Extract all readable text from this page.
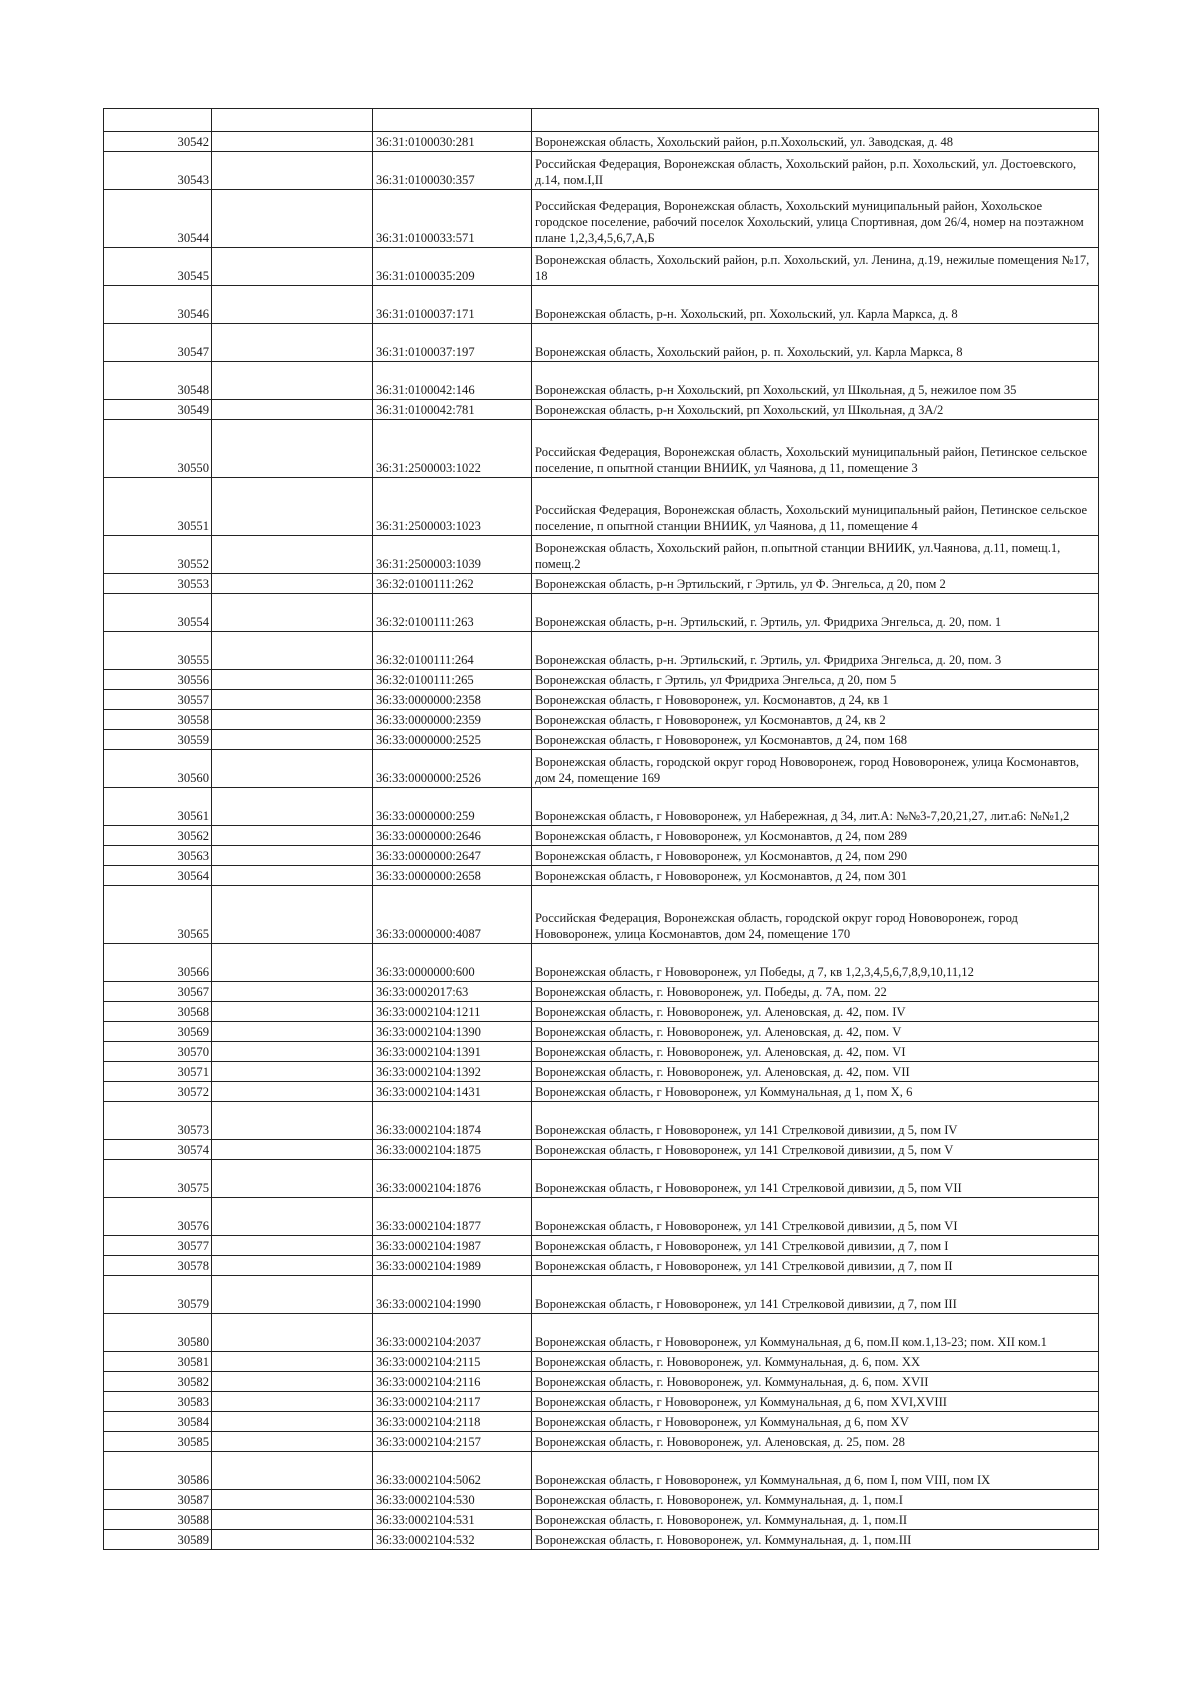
30542		36:31:0100030:281	Воронежская область, Хохольский район, р.п.Хохольский, ул. Заводская, д. 48
30543		36:31:0100030:357	Российская Федерация, Воронежская область, Хохольский район, р.п. Хохольский, ул. Достоевского, д.14, пом.I,II
30544		36:31:0100033:571	Российская Федерация, Воронежская область, Хохольский муниципальный район, Хохольское городское поселение, рабочий поселок Хохольский, улица Спортивная, дом 26/4, номер на поэтажном плане 1,2,3,4,5,6,7,А,Б
30545		36:31:0100035:209	Воронежская область, Хохольский район, р.п. Хохольский, ул. Ленина, д.19, нежилые помещения №17, 18
30546		36:31:0100037:171	Воронежская область, р-н. Хохольский, рп. Хохольский, ул. Карла Маркса, д. 8
30547		36:31:0100037:197	Воронежская область, Хохольский район, р. п. Хохольский, ул. Карла Маркса, 8
30548		36:31:0100042:146	Воронежская область, р-н Хохольский, рп Хохольский, ул Школьная, д 5, нежилое пом 35
30549		36:31:0100042:781	Воронежская область, р-н Хохольский, рп Хохольский, ул Школьная, д 3А/2
30550		36:31:2500003:1022	Российская Федерация, Воронежская область, Хохольский муниципальный район, Петинское сельское поселение, п опытной станции ВНИИК, ул Чаянова, д 11, помещение 3
30551		36:31:2500003:1023	Российская Федерация, Воронежская область, Хохольский муниципальный район, Петинское сельское поселение, п опытной станции ВНИИК, ул Чаянова, д 11, помещение 4
30552		36:31:2500003:1039	Воронежская область, Хохольский район, п.опытной станции ВНИИК, ул.Чаянова, д.11, помещ.1, помещ.2
30553		36:32:0100111:262	Воронежская область, р-н Эртильский, г Эртиль, ул Ф. Энгельса, д 20, пом 2
30554		36:32:0100111:263	Воронежская область, р-н. Эртильский, г. Эртиль, ул. Фридриха Энгельса, д. 20, пом. 1
30555		36:32:0100111:264	Воронежская область, р-н. Эртильский, г. Эртиль, ул. Фридриха Энгельса, д. 20, пом. 3
30556		36:32:0100111:265	Воронежская область, г Эртиль, ул Фридриха Энгельса, д 20, пом 5
30557		36:33:0000000:2358	Воронежская область, г Нововоронеж, ул. Космонавтов, д 24, кв 1
30558		36:33:0000000:2359	Воронежская область, г Нововоронеж, ул Космонавтов, д 24, кв 2
30559		36:33:0000000:2525	Воронежская область, г Нововоронеж, ул Космонавтов, д 24, пом 168
30560		36:33:0000000:2526	Воронежская область, городской округ город Нововоронеж, город Нововоронеж, улица Космонавтов, дом 24, помещение 169
30561		36:33:0000000:259	Воронежская область, г Нововоронеж, ул Набережная, д 34, лит.А: №№3-7,20,21,27, лит.а6: №№1,2
30562		36:33:0000000:2646	Воронежская область, г Нововоронеж, ул Космонавтов, д 24, пом 289
30563		36:33:0000000:2647	Воронежская область, г Нововоронеж, ул Космонавтов, д 24, пом 290
30564		36:33:0000000:2658	Воронежская область, г Нововоронеж, ул Космонавтов, д 24, пом 301
30565		36:33:0000000:4087	Российская Федерация, Воронежская область, городской округ город Нововоронеж, город Нововоронеж, улица Космонавтов, дом 24, помещение 170
30566		36:33:0000000:600	Воронежская область, г Нововоронеж, ул Победы, д 7, кв 1,2,3,4,5,6,7,8,9,10,11,12
30567		36:33:0002017:63	Воронежская область, г. Нововоронеж, ул. Победы, д. 7А, пом. 22
30568		36:33:0002104:1211	Воронежская область, г. Нововоронеж, ул. Аленовская, д. 42, пом. IV
30569		36:33:0002104:1390	Воронежская область, г. Нововоронеж, ул. Аленовская, д. 42, пом. V
30570		36:33:0002104:1391	Воронежская область, г. Нововоронеж, ул. Аленовская, д. 42, пом. VI
30571		36:33:0002104:1392	Воронежская область, г. Нововоронеж, ул. Аленовская, д. 42, пом. VII
30572		36:33:0002104:1431	Воронежская область, г Нововоронеж, ул Коммунальная, д 1, пом X, 6
30573		36:33:0002104:1874	Воронежская область, г Нововоронеж, ул 141 Стрелковой дивизии, д 5, пом IV
30574		36:33:0002104:1875	Воронежская область, г Нововоронеж, ул 141 Стрелковой дивизии, д 5, пом V
30575		36:33:0002104:1876	Воронежская область, г Нововоронеж, ул 141 Стрелковой дивизии, д 5, пом VII
30576		36:33:0002104:1877	Воронежская область, г Нововоронеж, ул 141 Стрелковой дивизии, д 5, пом VI
30577		36:33:0002104:1987	Воронежская область, г Нововоронеж, ул 141 Стрелковой дивизии, д 7, пом I
30578		36:33:0002104:1989	Воронежская область, г Нововоронеж, ул 141 Стрелковой дивизии, д 7, пом II
30579		36:33:0002104:1990	Воронежская область, г Нововоронеж, ул 141 Стрелковой дивизии, д 7, пом III
30580		36:33:0002104:2037	Воронежская область, г Нововоронеж, ул Коммунальная, д 6, пом.II ком.1,13-23; пом. XII ком.1
30581		36:33:0002104:2115	Воронежская область, г. Нововоронеж, ул. Коммунальная, д. 6, пом. XX
30582		36:33:0002104:2116	Воронежская область, г. Нововоронеж, ул. Коммунальная, д. 6, пом. XVII
30583		36:33:0002104:2117	Воронежская область, г Нововоронеж, ул Коммунальная, д 6, пом XVI,XVIII
30584		36:33:0002104:2118	Воронежская область, г Нововоронеж, ул Коммунальная, д 6, пом XV
30585		36:33:0002104:2157	Воронежская область, г. Нововоронеж, ул. Аленовская, д. 25, пом. 28
30586		36:33:0002104:5062	Воронежская область, г Нововоронеж, ул Коммунальная, д 6, пом I, пом VIII, пом IX
30587		36:33:0002104:530	Воронежская область, г. Нововоронеж, ул. Коммунальная, д. 1, пом.I
30588		36:33:0002104:531	Воронежская область, г. Нововоронеж, ул. Коммунальная, д. 1, пом.II
30589		36:33:0002104:532	Воронежская область, г. Нововоронеж, ул. Коммунальная, д. 1, пом.III
